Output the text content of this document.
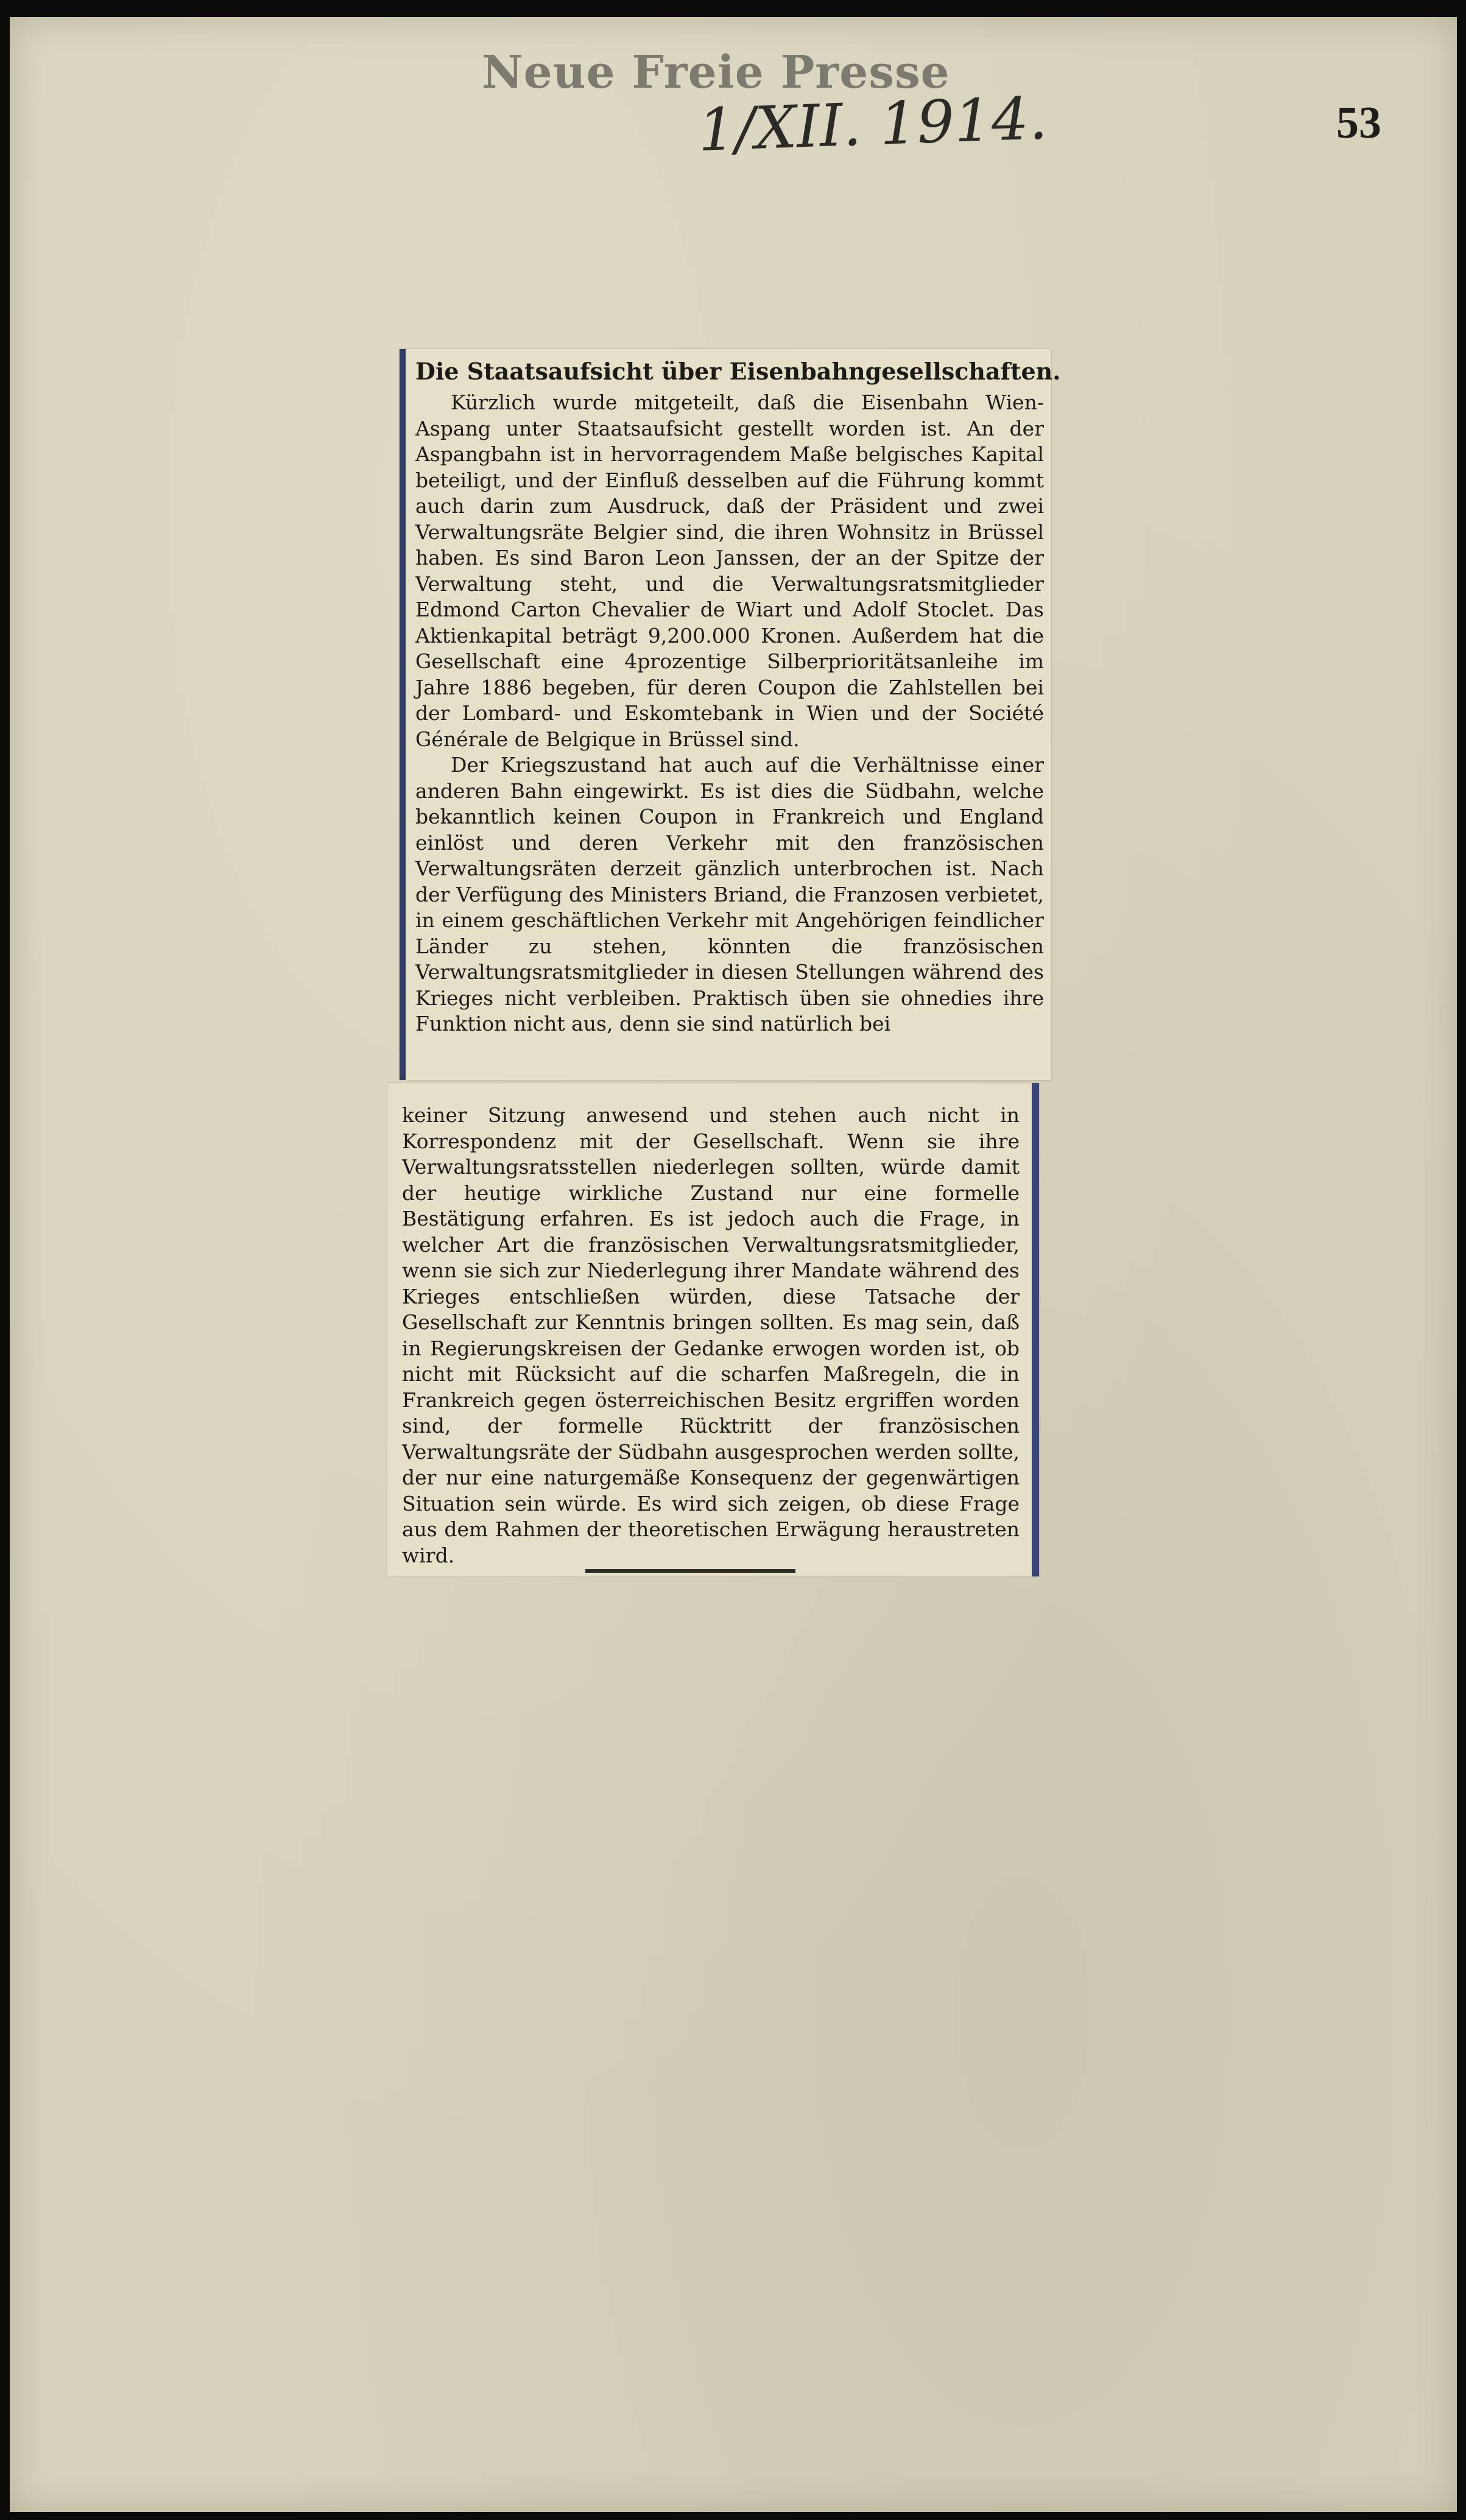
Neue Freie Presse
1/XII. 1914.	53
Die Staatsaufsicht über Eisenbahngesellschaften.

Kürzlich wurde mitgeteilt, daß die Eisenbahn Wien-Aspang unter Staatsaufsicht gestellt worden ist. An der Aspangbahn ist in hervorragendem Maße belgisches Kapital beteiligt, und der Einfluß desselben auf die Führung kommt auch darin zum Ausdruck, daß der Präsident und zwei Verwaltungsräte Belgier sind, die ihren Wohnsitz in Brüssel haben. Es sind Baron Leon Janssen, der an der Spitze der Verwaltung steht, und die Verwaltungsratsmitglieder Edmond Carton Chevalier de Wiart und Adolf Stoclet. Das Aktienkapital beträgt 9,200.000 Kronen. Außerdem hat die Gesellschaft eine 4prozentige Silberprioritätsanleihe im Jahre 1886 begeben, für deren Coupon die Zahlstellen bei der Lombard- und Eskomtebank in Wien und der Société Générale de Belgique in Brüssel sind.

Der Kriegszustand hat auch auf die Verhältnisse einer anderen Bahn eingewirkt. Es ist dies die Südbahn, welche bekanntlich keinen Coupon in Frankreich und England einlöst und deren Verkehr mit den französischen Verwaltungsräten derzeit gänzlich unterbrochen ist. Nach der Verfügung des Ministers Briand, die Franzosen verbietet, in einem geschäftlichen Verkehr mit Angehörigen feindlicher Länder zu stehen, könnten die französischen Verwaltungsratsmitglieder in diesen Stellungen während des Krieges nicht verbleiben. Praktisch üben sie ohnedies ihre Funktion nicht aus, denn sie sind natürlich bei

keiner Sitzung anwesend und stehen auch nicht in Korrespondenz mit der Gesellschaft. Wenn sie ihre Verwaltungsratsstellen niederlegen sollten, würde damit der heutige wirkliche Zustand nur eine formelle Bestätigung erfahren. Es ist jedoch auch die Frage, in welcher Art die französischen Verwaltungsratsmitglieder, wenn sie sich zur Niederlegung ihrer Mandate während des Krieges entschließen würden, diese Tatsache der Gesellschaft zur Kenntnis bringen sollten. Es mag sein, daß in Regierungskreisen der Gedanke erwogen worden ist, ob nicht mit Rücksicht auf die scharfen Maßregeln, die in Frankreich gegen österreichischen Besitz ergriffen worden sind, der formelle Rücktritt der französischen Verwaltungsräte der Südbahn ausgesprochen werden sollte, der nur eine naturgemäße Konsequenz der gegenwärtigen Situation sein würde. Es wird sich zeigen, ob diese Frage aus dem Rahmen der theoretischen Erwägung heraustreten wird.
